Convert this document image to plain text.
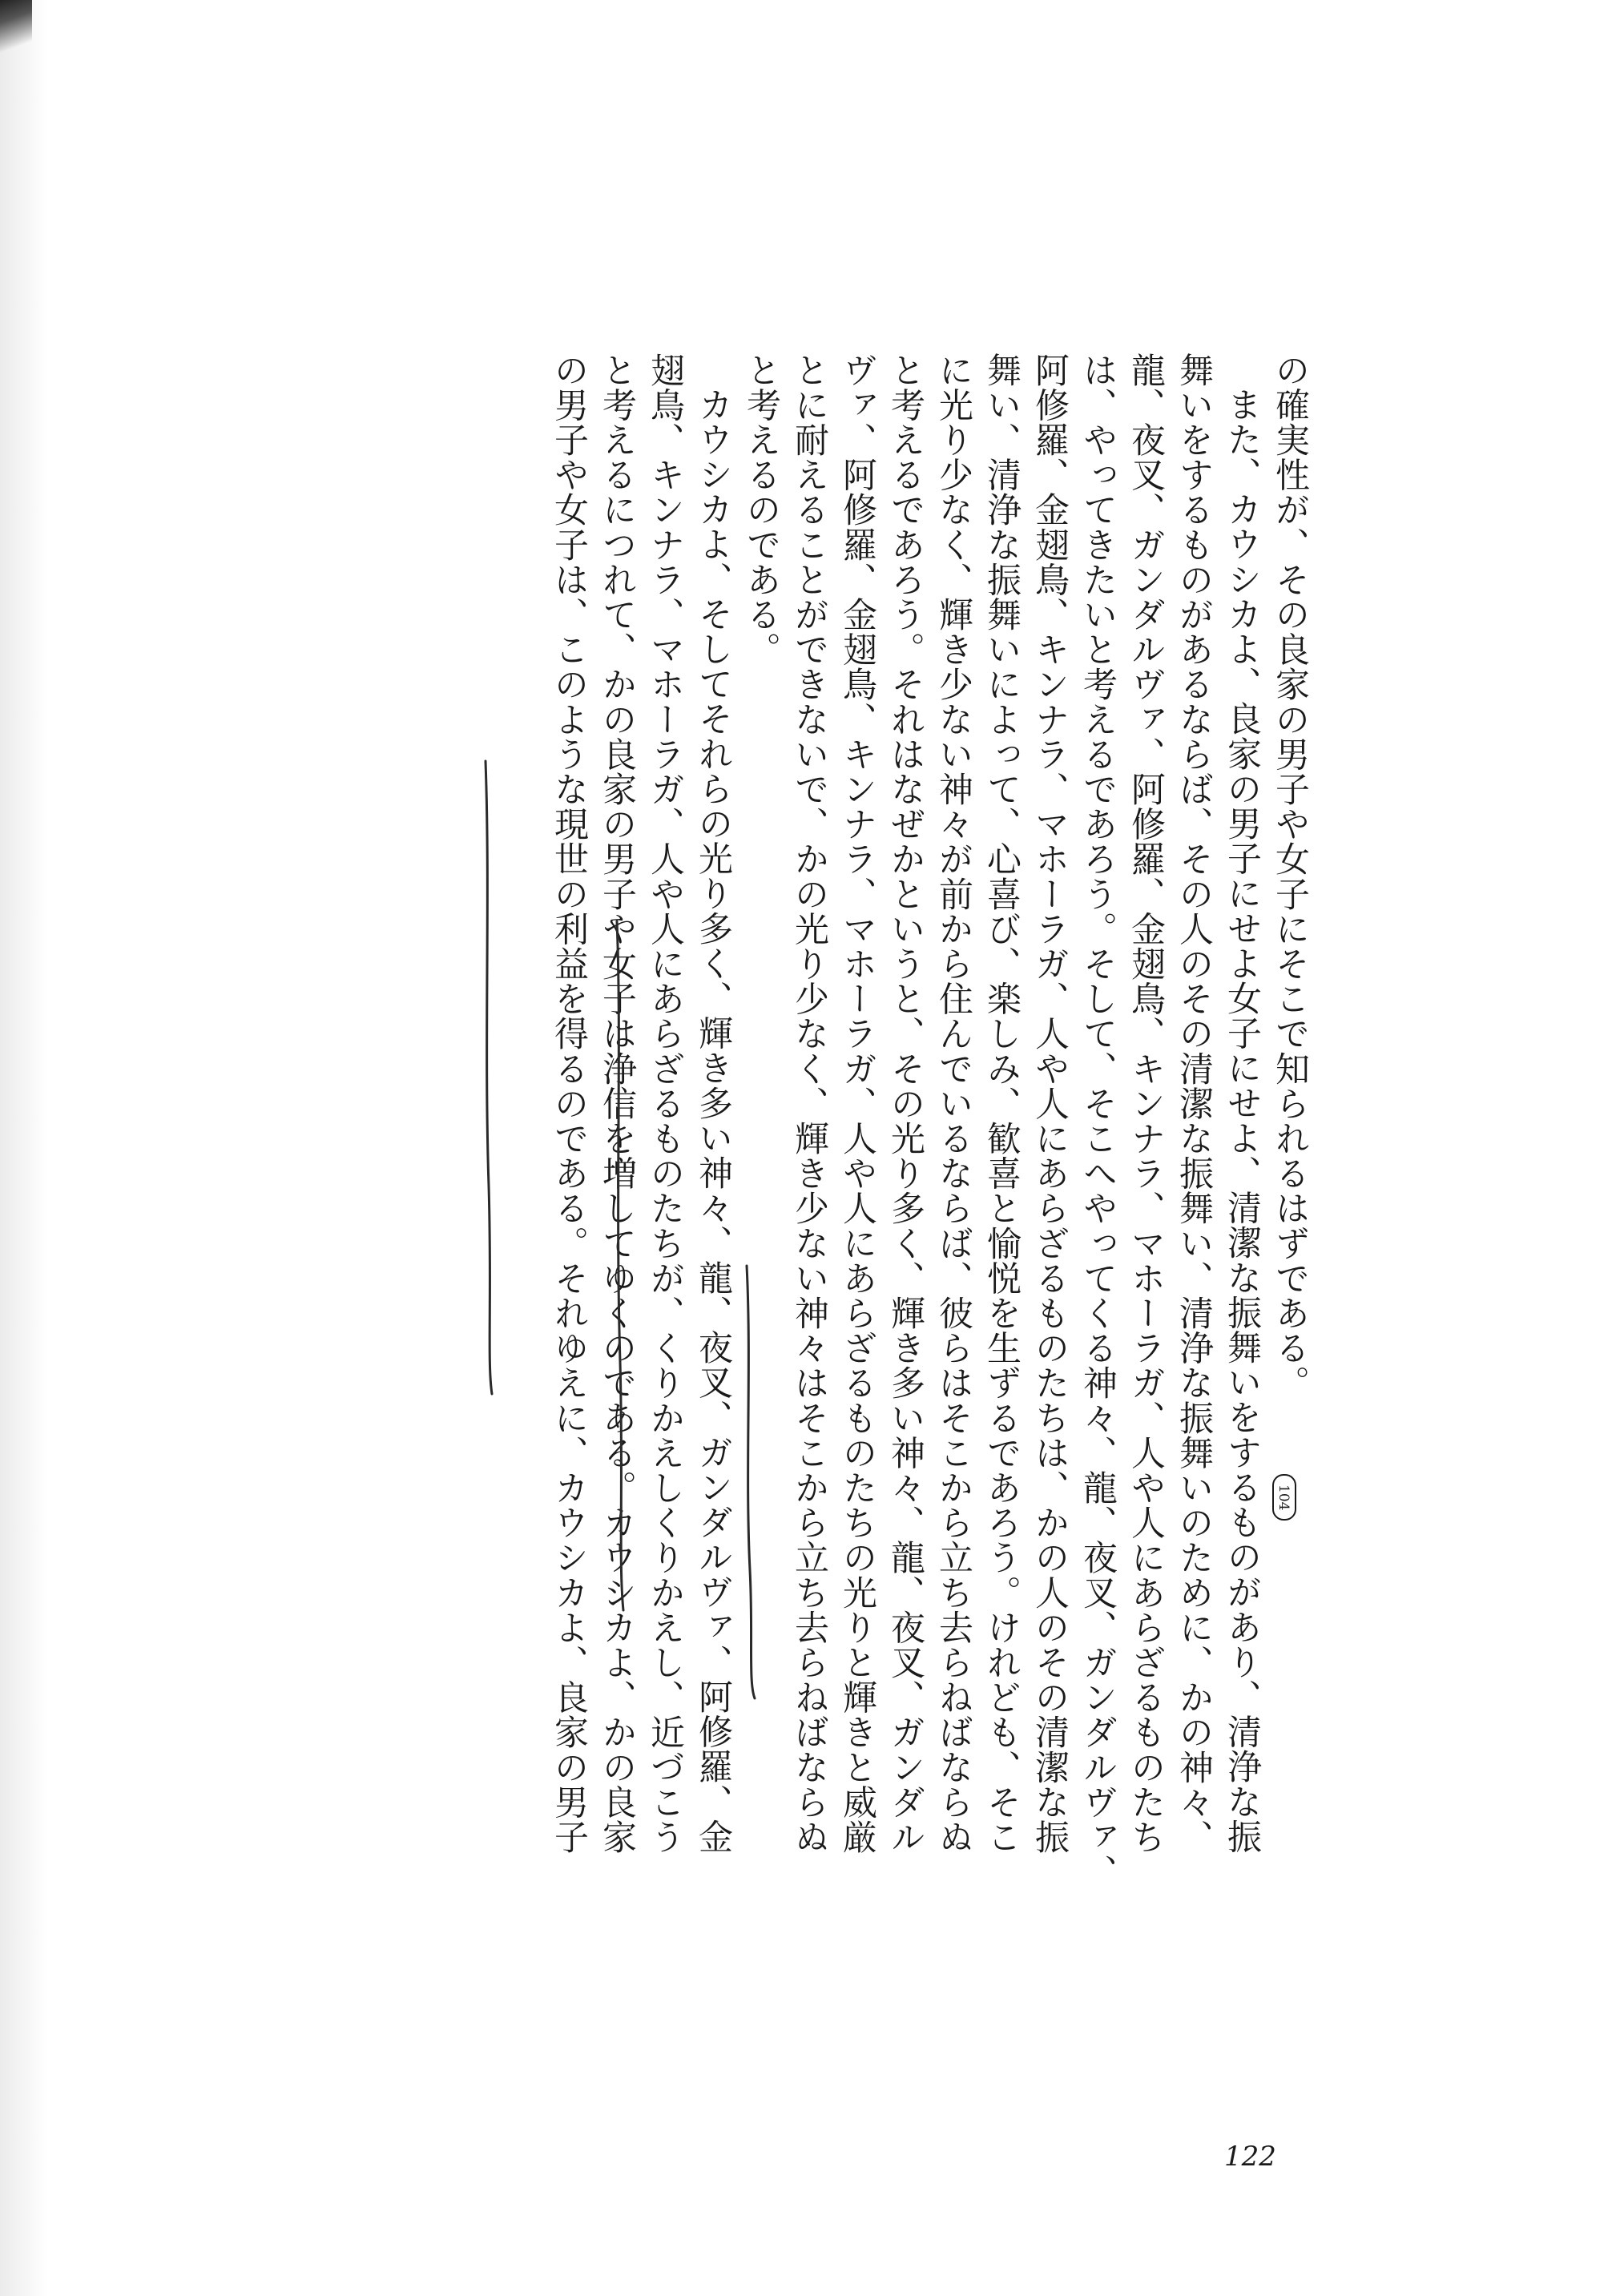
の確実性が、その良家の男子や女子にそこで知られるはずである。
また、カウシカよ、良家の男子にせよ女子にせよ、清潔な振舞いをするものがあり、清浄な振
舞いをするものがあるならば、その人のその清潔な振舞い、清浄な振舞いのために、かの神々、
龍、夜叉、ガンダルヴァ、阿修羅、金翅鳥、キンナラ、マホーラガ、人や人にあらざるものたち
は、やってきたいと考えるであろう。そして、そこへやってくる神々、龍、夜叉、ガンダルヴァ、
阿修羅、金翅鳥、キンナラ、マホーラガ、人や人にあらざるものたちは、かの人のその清潔な振
舞い、清浄な振舞いによって、心喜び、楽しみ、歓喜と愉悦を生ずるであろう。けれども、そこ
に光り少なく、輝き少ない神々が前から住んでいるならば、彼らはそこから立ち去らねばならぬ
と考えるであろう。それはなぜかというと、その光り多く、輝き多い神々、龍、夜叉、ガンダル
ヴァ、阿修羅、金翅鳥、キンナラ、マホーラガ、人や人にあらざるものたちの光りと輝きと威厳
とに耐えることができないで、かの光り少なく、輝き少ない神々はそこから立ち去らねばならぬ
と考えるのである。
カウシカよ、そしてそれらの光り多く、輝き多い神々、龍、夜叉、ガンダルヴァ、阿修羅、金
翅鳥、キンナラ、マホーラガ、人や人にあらざるものたちが、くりかえしくりかえし、近づこう
と考えるにつれて、かの良家の男子や女子は浄信を増してゆくのである。カウシカよ、かの良家
の男子や女子は、このような現世の利益を得るのである。それゆえに、カウシカよ、良家の男子	104
122
